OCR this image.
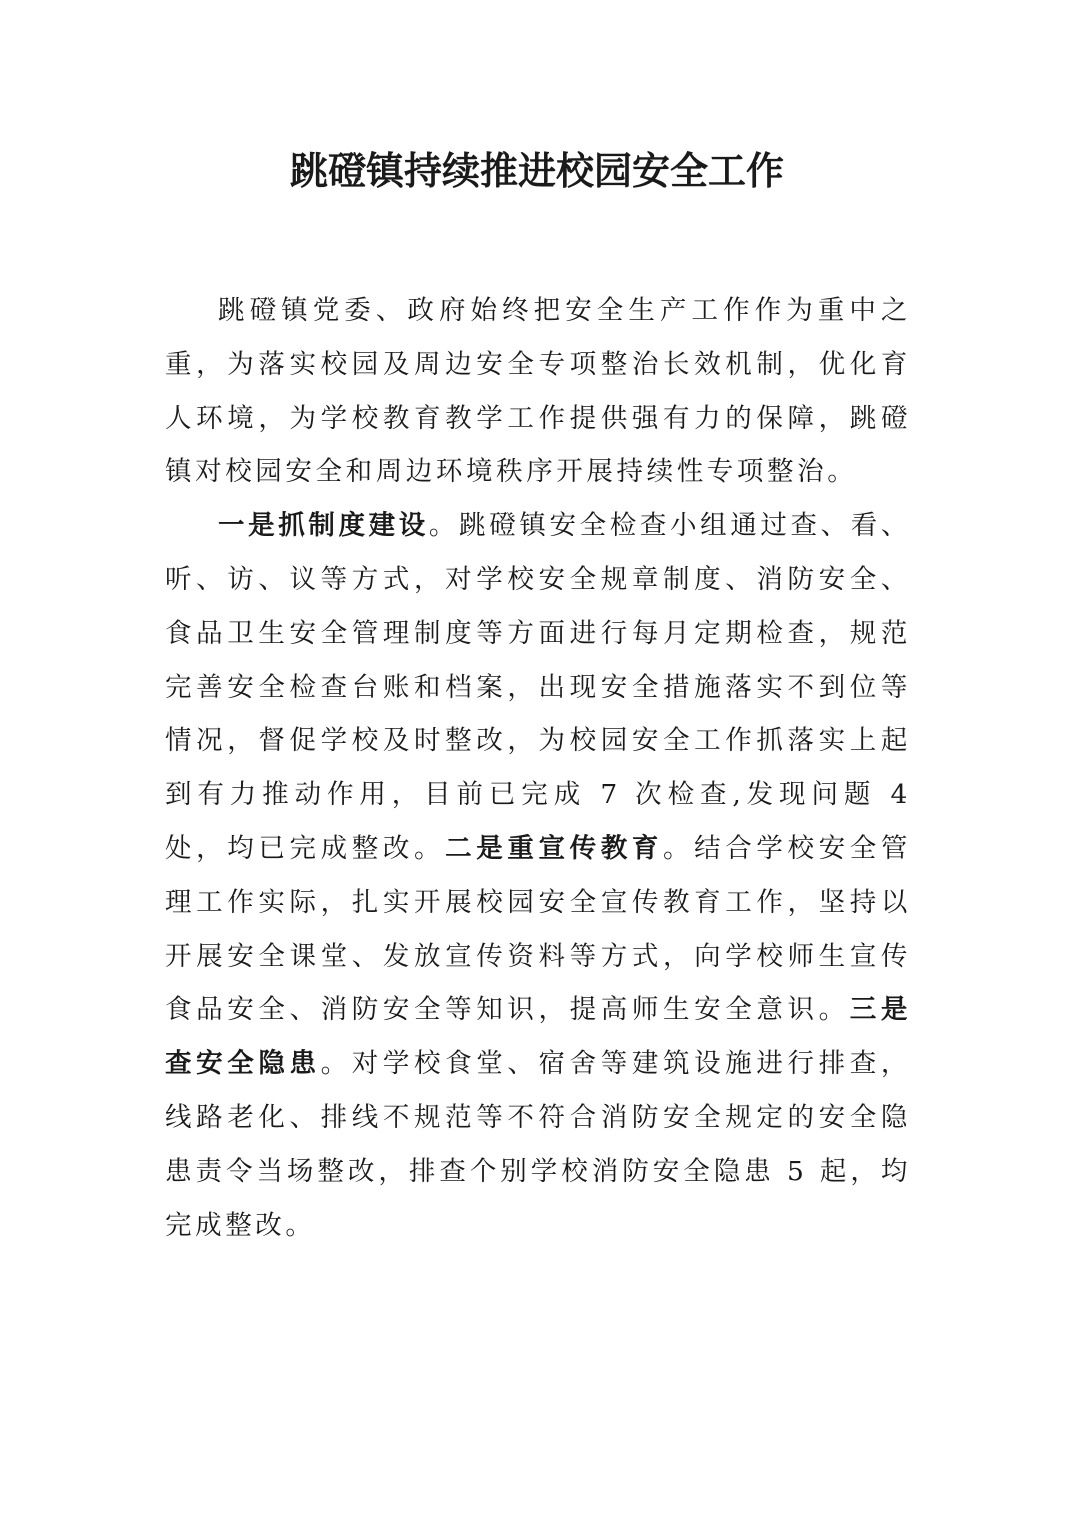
跳磴镇持续推进校园安全工作

跳磴镇党委、政府始终把安全生产工作作为重中之重，为落实校园及周边安全专项整治长效机制，优化育人环境，为学校教育教学工作提供强有力的保障，跳磴镇对校园安全和周边环境秩序开展持续性专项整治。

一是抓制度建设。跳磴镇安全检查小组通过查、看、听、访、议等方式，对学校安全规章制度、消防安全、食品卫生安全管理制度等方面进行每月定期检查，规范完善安全检查台账和档案，出现安全措施落实不到位等情况，督促学校及时整改，为校园安全工作抓落实上起到有力推动作用，目前已完成 7 次检查,发现问题 4 处，均已完成整改。二是重宣传教育。结合学校安全管理工作实际，扎实开展校园安全宣传教育工作，坚持以开展安全课堂、发放宣传资料等方式，向学校师生宣传食品安全、消防安全等知识，提高师生安全意识。三是查安全隐患。对学校食堂、宿舍等建筑设施进行排查，线路老化、排线不规范等不符合消防安全规定的安全隐患责令当场整改，排查个别学校消防安全隐患 5 起，均完成整改。
